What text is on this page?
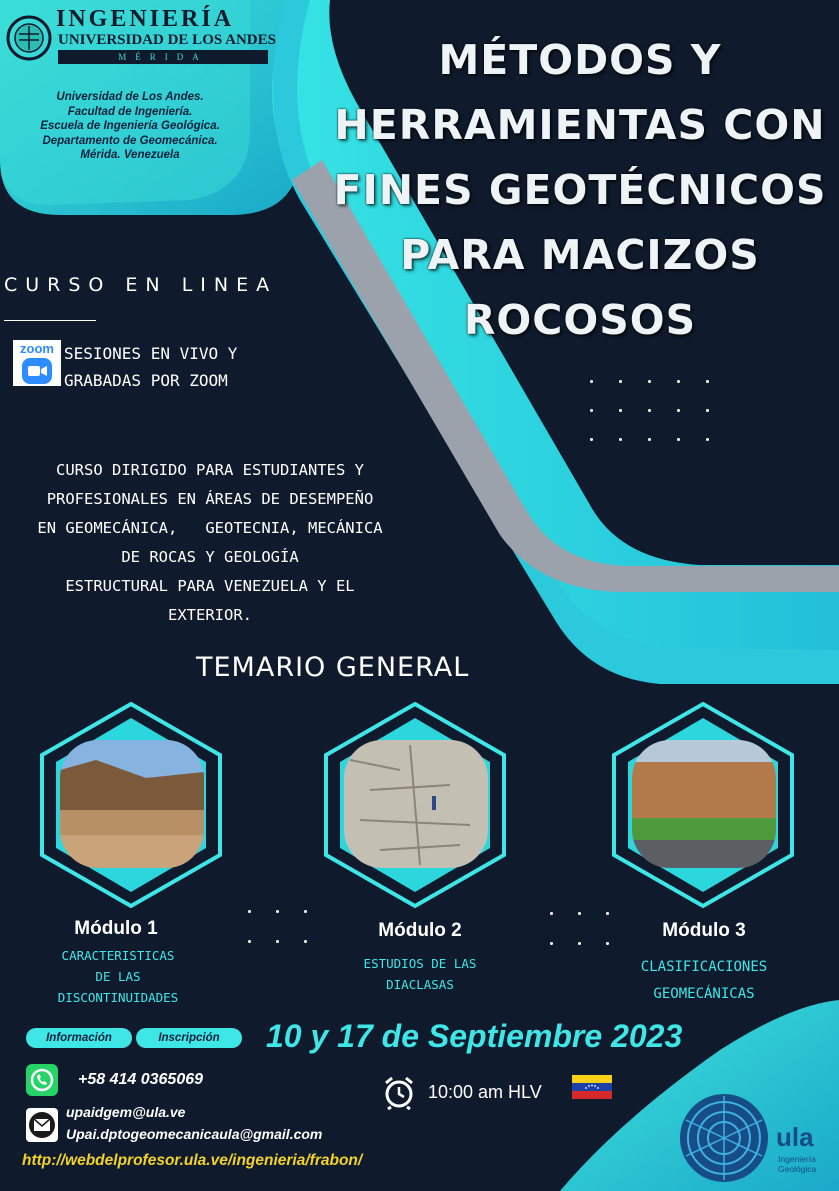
INGENIERÍA
UNIVERSIDAD DE LOS ANDES
MÉRIDA VENEZUELA
Universidad de Los Andes.
Facultad de Ingeniería.
Escuela de Ingeniería Geológica.
Departamento de Geomecánica.
Mérida. Venezuela
MÉTODOS Y
HERRAMIENTAS CON
FINES GEOTÉCNICOS
PARA MACIZOS
ROCOSOS
CURSO EN LINEA
zoom SESIONES EN VIVO Y
GRABADAS POR ZOOM
CURSO DIRIGIDO PARA ESTUDIANTES Y
PROFESIONALES EN ÁREAS DE DESEMPEÑO
EN GEOMECÁNICA,   GEOTECNIA, MECÁNICA
DE ROCAS Y GEOLOGÍA
ESTRUCTURAL PARA VENEZUELA Y EL
EXTERIOR.
TEMARIO GENERAL
Módulo 1
CARACTERISTICAS
DE LAS
DISCONTINUIDADES
Módulo 2
ESTUDIOS DE LAS
DIACLASAS
Módulo 3
CLASIFICACIONES
GEOMECÁNICAS
Información	Inscripción	10 y 17 de Septiembre 2023
+58 414 0365069
10:00 am HLV
upaidgem@ula.ve
Upai.dptogeomecanicaula@gmail.com
http://webdelprofesor.ula.ve/ingenieria/frabon/
ula
Ingeniería
Geológica
